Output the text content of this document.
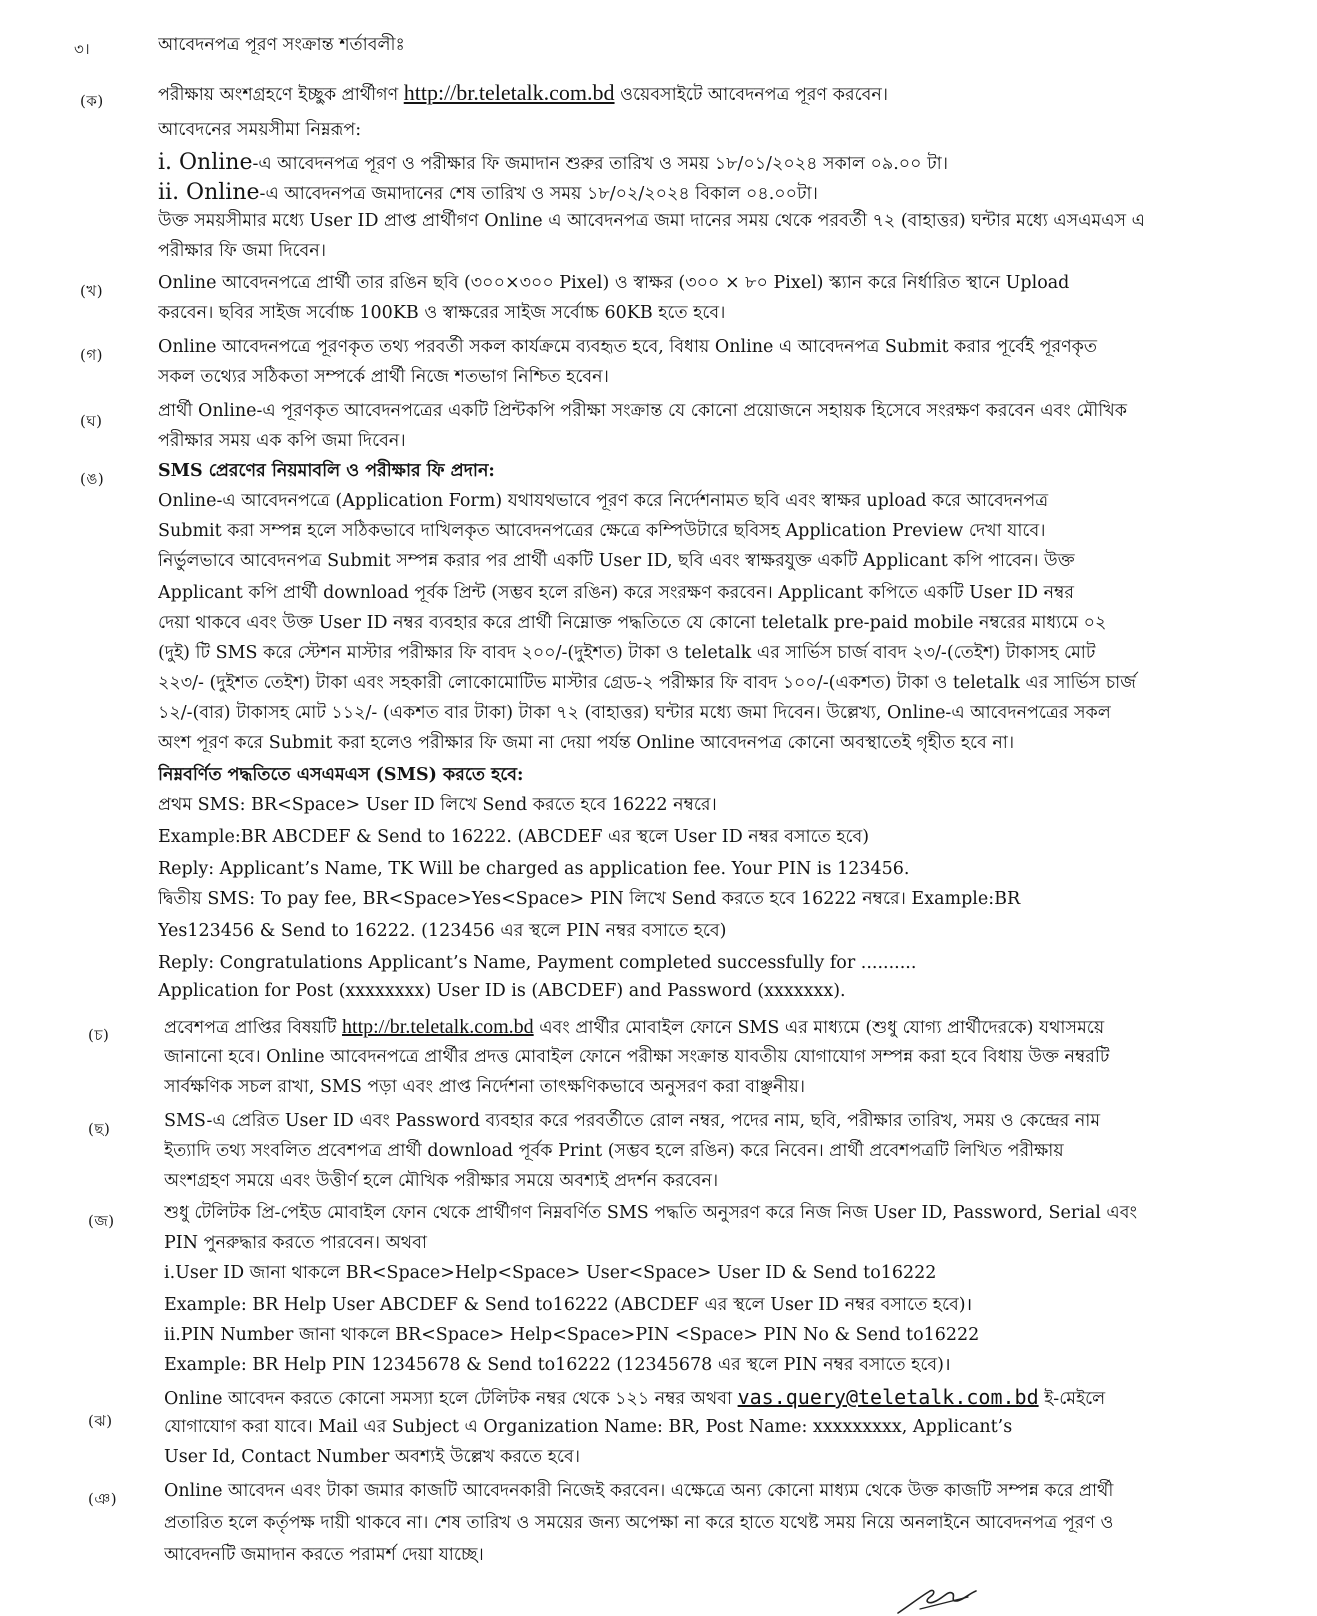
৩।	আবেদনপত্র পূরণ সংক্রান্ত শর্তাবলীঃ
(ক)	পরীক্ষায় অংশগ্রহণে ইচ্ছুক প্রার্থীগণ http://br.teletalk.com.bd ওয়েবসাইটে আবেদনপত্র পূরণ করবেন।
আবেদনের সময়সীমা নিম্নরূপ:
i. Online-এ আবেদনপত্র পূরণ ও পরীক্ষার ফি জমাদান শুরুর তারিখ ও সময় ১৮/০১/২০২৪ সকাল ০৯.০০ টা।
ii. Online-এ আবেদনপত্র জমাদানের শেষ তারিখ ও সময় ১৮/০২/২০২৪ বিকাল ০৪.০০টা।
উক্ত সময়সীমার মধ্যে User ID প্রাপ্ত প্রার্থীগণ Online এ আবেদনপত্র জমা দানের সময় থেকে পরবর্তী ৭২ (বাহাত্তর) ঘন্টার মধ্যে এসএমএস এ
পরীক্ষার ফি জমা দিবেন।
(খ)	Online আবেদনপত্রে প্রার্থী তার রঙিন ছবি (৩০০×৩০০ Pixel) ও স্বাক্ষর (৩০০ × ৮০ Pixel) স্ক্যান করে নির্ধারিত স্থানে Upload
করবেন। ছবির সাইজ সর্বোচ্চ 100KB ও স্বাক্ষরের সাইজ সর্বোচ্চ 60KB হতে হবে।
(গ)	Online আবেদনপত্রে পূরণকৃত তথ্য পরবর্তী সকল কার্যক্রমে ব্যবহৃত হবে, বিধায় Online এ আবেদনপত্র Submit করার পূর্বেই পূরণকৃত
সকল তথ্যের সঠিকতা সম্পর্কে প্রার্থী নিজে শতভাগ নিশ্চিত হবেন।
(ঘ)	প্রার্থী Online-এ পূরণকৃত আবেদনপত্রের একটি প্রিন্টকপি পরীক্ষা সংক্রান্ত যে কোনো প্রয়োজনে সহায়ক হিসেবে সংরক্ষণ করবেন এবং মৌখিক
পরীক্ষার সময় এক কপি জমা দিবেন।
(ঙ)	SMS প্রেরণের নিয়মাবলি ও পরীক্ষার ফি প্রদান:
Online-এ আবেদনপত্রে (Application Form) যথাযথভাবে পূরণ করে নির্দেশনামত ছবি এবং স্বাক্ষর upload করে আবেদনপত্র
Submit করা সম্পন্ন হলে সঠিকভাবে দাখিলকৃত আবেদনপত্রের ক্ষেত্রে কম্পিউটারে ছবিসহ Application Preview দেখা যাবে।
নির্ভুলভাবে আবেদনপত্র Submit সম্পন্ন করার পর প্রার্থী একটি User ID, ছবি এবং স্বাক্ষরযুক্ত একটি Applicant কপি পাবেন। উক্ত
Applicant কপি প্রার্থী download পূর্বক প্রিন্ট (সম্ভব হলে রঙিন) করে সংরক্ষণ করবেন। Applicant কপিতে একটি User ID নম্বর
দেয়া থাকবে এবং উক্ত User ID নম্বর ব্যবহার করে প্রার্থী নিম্নোক্ত পদ্ধতিতে যে কোনো teletalk pre-paid mobile নম্বরের মাধ্যমে ০২
(দুই) টি SMS করে স্টেশন মাস্টার পরীক্ষার ফি বাবদ ২০০/-(দুইশত) টাকা ও teletalk এর সার্ভিস চার্জ বাবদ ২৩/-(তেইশ) টাকাসহ মোট
২২৩/- (দুইশত তেইশ) টাকা এবং সহকারী লোকোমোটিভ মাস্টার গ্রেড-২ পরীক্ষার ফি বাবদ ১০০/-(একশত) টাকা ও teletalk এর সার্ভিস চার্জ
১২/-(বার) টাকাসহ মোট ১১২/- (একশত বার টাকা) টাকা ৭২ (বাহাত্তর) ঘন্টার মধ্যে জমা দিবেন। উল্লেখ্য, Online-এ আবেদনপত্রের সকল
অংশ পূরণ করে Submit করা হলেও পরীক্ষার ফি জমা না দেয়া পর্যন্ত Online আবেদনপত্র কোনো অবস্থাতেই গৃহীত হবে না।
নিম্নবর্ণিত পদ্ধতিতে এসএমএস (SMS) করতে হবে:
প্রথম SMS: BR<Space> User ID লিখে Send করতে হবে 16222 নম্বরে।
Example:BR ABCDEF & Send to 16222. (ABCDEF এর স্থলে User ID নম্বর বসাতে হবে)
Reply: Applicant’s Name, TK Will be charged as application fee. Your PIN is 123456.
দ্বিতীয় SMS: To pay fee, BR<Space>Yes<Space> PIN লিখে Send করতে হবে 16222 নম্বরে। Example:BR
Yes123456 & Send to 16222. (123456 এর স্থলে PIN নম্বর বসাতে হবে)
Reply: Congratulations Applicant’s Name, Payment completed successfully for ..........
Application for Post (xxxxxxxx) User ID is (ABCDEF) and Password (xxxxxxx).
(চ)	প্রবেশপত্র প্রাপ্তির বিষয়টি http://br.teletalk.com.bd এবং প্রার্থীর মোবাইল ফোনে SMS এর মাধ্যমে (শুধু যোগ্য প্রার্থীদেরকে) যথাসময়ে
জানানো হবে। Online আবেদনপত্রে প্রার্থীর প্রদত্ত মোবাইল ফোনে পরীক্ষা সংক্রান্ত যাবতীয় যোগাযোগ সম্পন্ন করা হবে বিধায় উক্ত নম্বরটি
সার্বক্ষণিক সচল রাখা, SMS পড়া এবং প্রাপ্ত নির্দেশনা তাৎক্ষণিকভাবে অনুসরণ করা বাঞ্ছনীয়।
(ছ)	SMS-এ প্রেরিত User ID এবং Password ব্যবহার করে পরবর্তীতে রোল নম্বর, পদের নাম, ছবি, পরীক্ষার তারিখ, সময় ও কেন্দ্রের নাম
ইত্যাদি তথ্য সংবলিত প্রবেশপত্র প্রার্থী download পূর্বক Print (সম্ভব হলে রঙিন) করে নিবেন। প্রার্থী প্রবেশপত্রটি লিখিত পরীক্ষায়
অংশগ্রহণ সময়ে এবং উত্তীর্ণ হলে মৌখিক পরীক্ষার সময়ে অবশ্যই প্রদর্শন করবেন।
(জ)	শুধু টেলিটক প্রি-পেইড মোবাইল ফোন থেকে প্রার্থীগণ নিম্নবর্ণিত SMS পদ্ধতি অনুসরণ করে নিজ নিজ User ID, Password, Serial এবং
PIN পুনরুদ্ধার করতে পারবেন। অথবা
i.User ID জানা থাকলে BR<Space>Help<Space> User<Space> User ID & Send to16222
Example: BR Help User ABCDEF & Send to16222 (ABCDEF এর স্থলে User ID নম্বর বসাতে হবে)।
ii.PIN Number জানা থাকলে BR<Space> Help<Space>PIN <Space> PIN No & Send to16222
Example: BR Help PIN 12345678 & Send to16222 (12345678 এর স্থলে PIN নম্বর বসাতে হবে)।
(ঝ)
Online আবেদন করতে কোনো সমস্যা হলে টেলিটক নম্বর থেকে ১২১ নম্বর অথবা vas.query@teletalk.com.bd ই-মেইলে
যোগাযোগ করা যাবে। Mail এর Subject এ Organization Name: BR, Post Name: xxxxxxxxx, Applicant’s
User Id, Contact Number অবশ্যই উল্লেখ করতে হবে।
(ঞ)	Online আবেদন এবং টাকা জমার কাজটি আবেদনকারী নিজেই করবেন। এক্ষেত্রে অন্য কোনো মাধ্যম থেকে উক্ত কাজটি সম্পন্ন করে প্রার্থী
প্রতারিত হলে কর্তৃপক্ষ দায়ী থাকবে না। শেষ তারিখ ও সময়ের জন্য অপেক্ষা না করে হাতে যথেষ্ট সময় নিয়ে অনলাইনে আবেদনপত্র পূরণ ও
আবেদনটি জমাদান করতে পরামর্শ দেয়া যাচ্ছে।
